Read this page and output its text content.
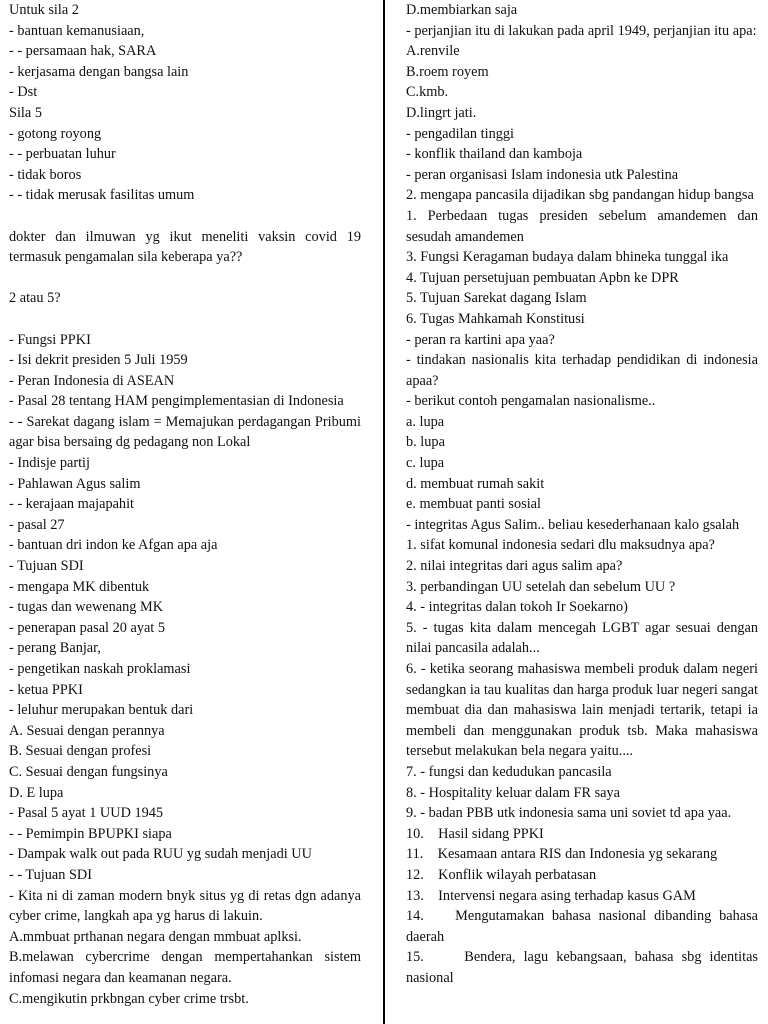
Untuk sila 2

- bantuan kemanusiaan,

- - persamaan hak, SARA

- kerjasama dengan bangsa lain

- Dst

Sila 5

- gotong royong

- - perbuatan luhur

- tidak boros

- - tidak merusak fasilitas umum

dokter dan ilmuwan yg ikut meneliti vaksin covid 19 termasuk pengamalan sila keberapa ya??

2 atau 5?

- Fungsi PPKI

- Isi dekrit presiden 5 Juli 1959

- Peran Indonesia di ASEAN

- Pasal 28 tentang HAM pengimplementasian di Indonesia

- - Sarekat dagang islam = Memajukan perdagangan Pribumi agar bisa bersaing dg pedagang non Lokal

- Indisje partij

- Pahlawan Agus salim

- - kerajaan majapahit

- pasal 27

- bantuan dri indon ke Afgan apa aja

- Tujuan SDI

- mengapa MK dibentuk

- tugas dan wewenang MK

- penerapan pasal 20 ayat 5

- perang Banjar,

- pengetikan naskah proklamasi

- ketua PPKI

- leluhur merupakan bentuk dari

A. Sesuai dengan perannya

B. Sesuai dengan profesi

C. Sesuai dengan fungsinya

D. E lupa

- Pasal 5 ayat 1 UUD 1945

- - Pemimpin BPUPKI siapa

- Dampak walk out pada RUU yg sudah menjadi UU

- - Tujuan SDI

- Kita ni di zaman modern bnyk situs yg di retas dgn adanya cyber crime, langkah apa yg harus di lakuin.

A.mmbuat prthanan negara dengan mmbuat aplksi.

B.melawan cybercrime dengan mempertahankan sistem infomasi negara dan keamanan negara.

C.mengikutin prkbngan cyber crime trsbt.

D.membiarkan saja

- perjanjian itu di lakukan pada april 1949, perjanjian itu apa:

A.renvile

B.roem royem

C.kmb.

D.lingrt jati.

- pengadilan tinggi

- konflik thailand dan kamboja

- peran organisasi Islam indonesia utk Palestina

2. mengapa pancasila dijadikan sbg pandangan hidup bangsa

1. Perbedaan tugas presiden sebelum amandemen dan sesudah amandemen

3. Fungsi Keragaman budaya dalam bhineka tunggal ika

4. Tujuan persetujuan pembuatan Apbn ke DPR

5. Tujuan Sarekat dagang Islam

6. Tugas Mahkamah Konstitusi

- peran ra kartini apa yaa?

- tindakan nasionalis kita terhadap pendidikan di indonesia apaa?

- berikut contoh pengamalan nasionalisme..

a. lupa

b. lupa

c. lupa

d. membuat rumah sakit

e. membuat panti sosial

- integritas Agus Salim.. beliau kesederhanaan kalo gsalah

1. sifat komunal indonesia sedari dlu maksudnya apa?

2. nilai integritas dari agus salim apa?

3. perbandingan UU setelah dan sebelum UU ?

4. - integritas dalan tokoh Ir Soekarno)

5. - tugas kita dalam mencegah LGBT agar sesuai dengan nilai pancasila adalah...

6. - ketika seorang mahasiswa membeli produk dalam negeri sedangkan ia tau kualitas dan harga produk luar negeri sangat membuat dia dan mahasiswa lain menjadi tertarik, tetapi ia membeli dan menggunakan produk tsb. Maka mahasiswa tersebut melakukan bela negara yaitu....

7. - fungsi dan kedudukan pancasila

8. - Hospitality keluar dalam FR saya

9. - badan PBB utk indonesia sama uni soviet td apa yaa.

10.    Hasil sidang PPKI

11.    Kesamaan antara RIS dan Indonesia yg sekarang

12.    Konflik wilayah perbatasan

13.    Intervensi negara asing terhadap kasus GAM

14.    Mengutamakan bahasa nasional dibanding bahasa daerah

15.     Bendera, lagu kebangsaan, bahasa sbg identitas nasional
